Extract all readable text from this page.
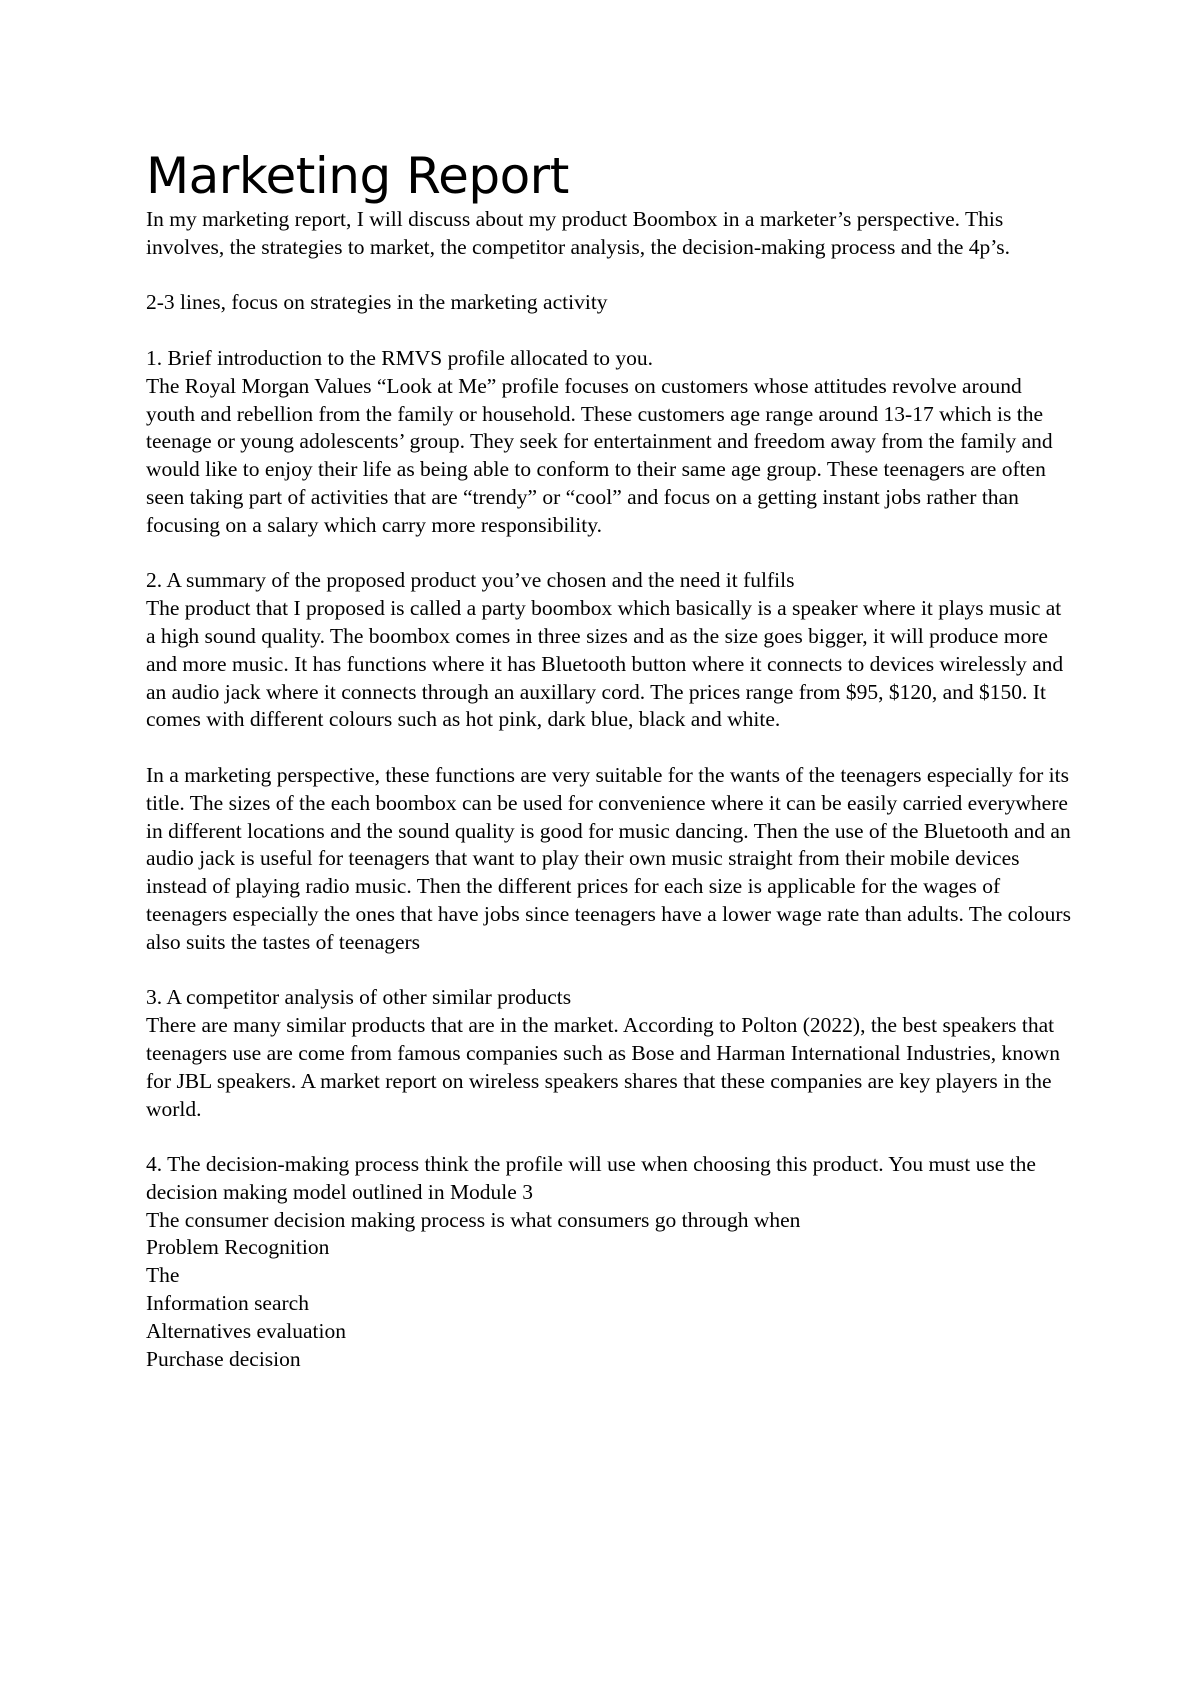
Marketing Report

In my marketing report, I will discuss about my product Boombox in a marketer’s perspective. This involves, the strategies to market, the competitor analysis, the decision-making process and the 4p’s.

2-3 lines, focus on strategies in the marketing activity

1. Brief introduction to the RMVS profile allocated to you.

The Royal Morgan Values “Look at Me” profile focuses on customers whose attitudes revolve around youth and rebellion from the family or household. These customers age range around 13-17 which is the teenage or young adolescents’ group. They seek for entertainment and freedom away from the family and would like to enjoy their life as being able to conform to their same age group. These teenagers are often seen taking part of activities that are “trendy” or “cool” and focus on a getting instant jobs rather than focusing on a salary which carry more responsibility.

2. A summary of the proposed product you’ve chosen and the need it fulfils

The product that I proposed is called a party boombox which basically is a speaker where it plays music at a high sound quality. The boombox comes in three sizes and as the size goes bigger, it will produce more and more music. It has functions where it has Bluetooth button where it connects to devices wirelessly and an audio jack where it connects through an auxillary cord. The prices range from $95, $120, and $150. It comes with different colours such as hot pink, dark blue, black and white.

In a marketing perspective, these functions are very suitable for the wants of the teenagers especially for its title. The sizes of the each boombox can be used for convenience where it can be easily carried everywhere in different locations and the sound quality is good for music dancing. Then the use of the Bluetooth and an audio jack is useful for teenagers that want to play their own music straight from their mobile devices instead of playing radio music. Then the different prices for each size is applicable for the wages of teenagers especially the ones that have jobs since teenagers have a lower wage rate than adults. The colours also suits the tastes of teenagers

3. A competitor analysis of other similar products

There are many similar products that are in the market. According to Polton (2022), the best speakers that teenagers use are come from famous companies such as Bose and Harman International Industries, known for JBL speakers. A market report on wireless speakers shares that these companies are key players in the world.

4. The decision-making process think the profile will use when choosing this product. You must use the decision making model outlined in Module 3

The consumer decision making process is what consumers go through when

Problem Recognition

The

Information search

Alternatives evaluation

Purchase decision
